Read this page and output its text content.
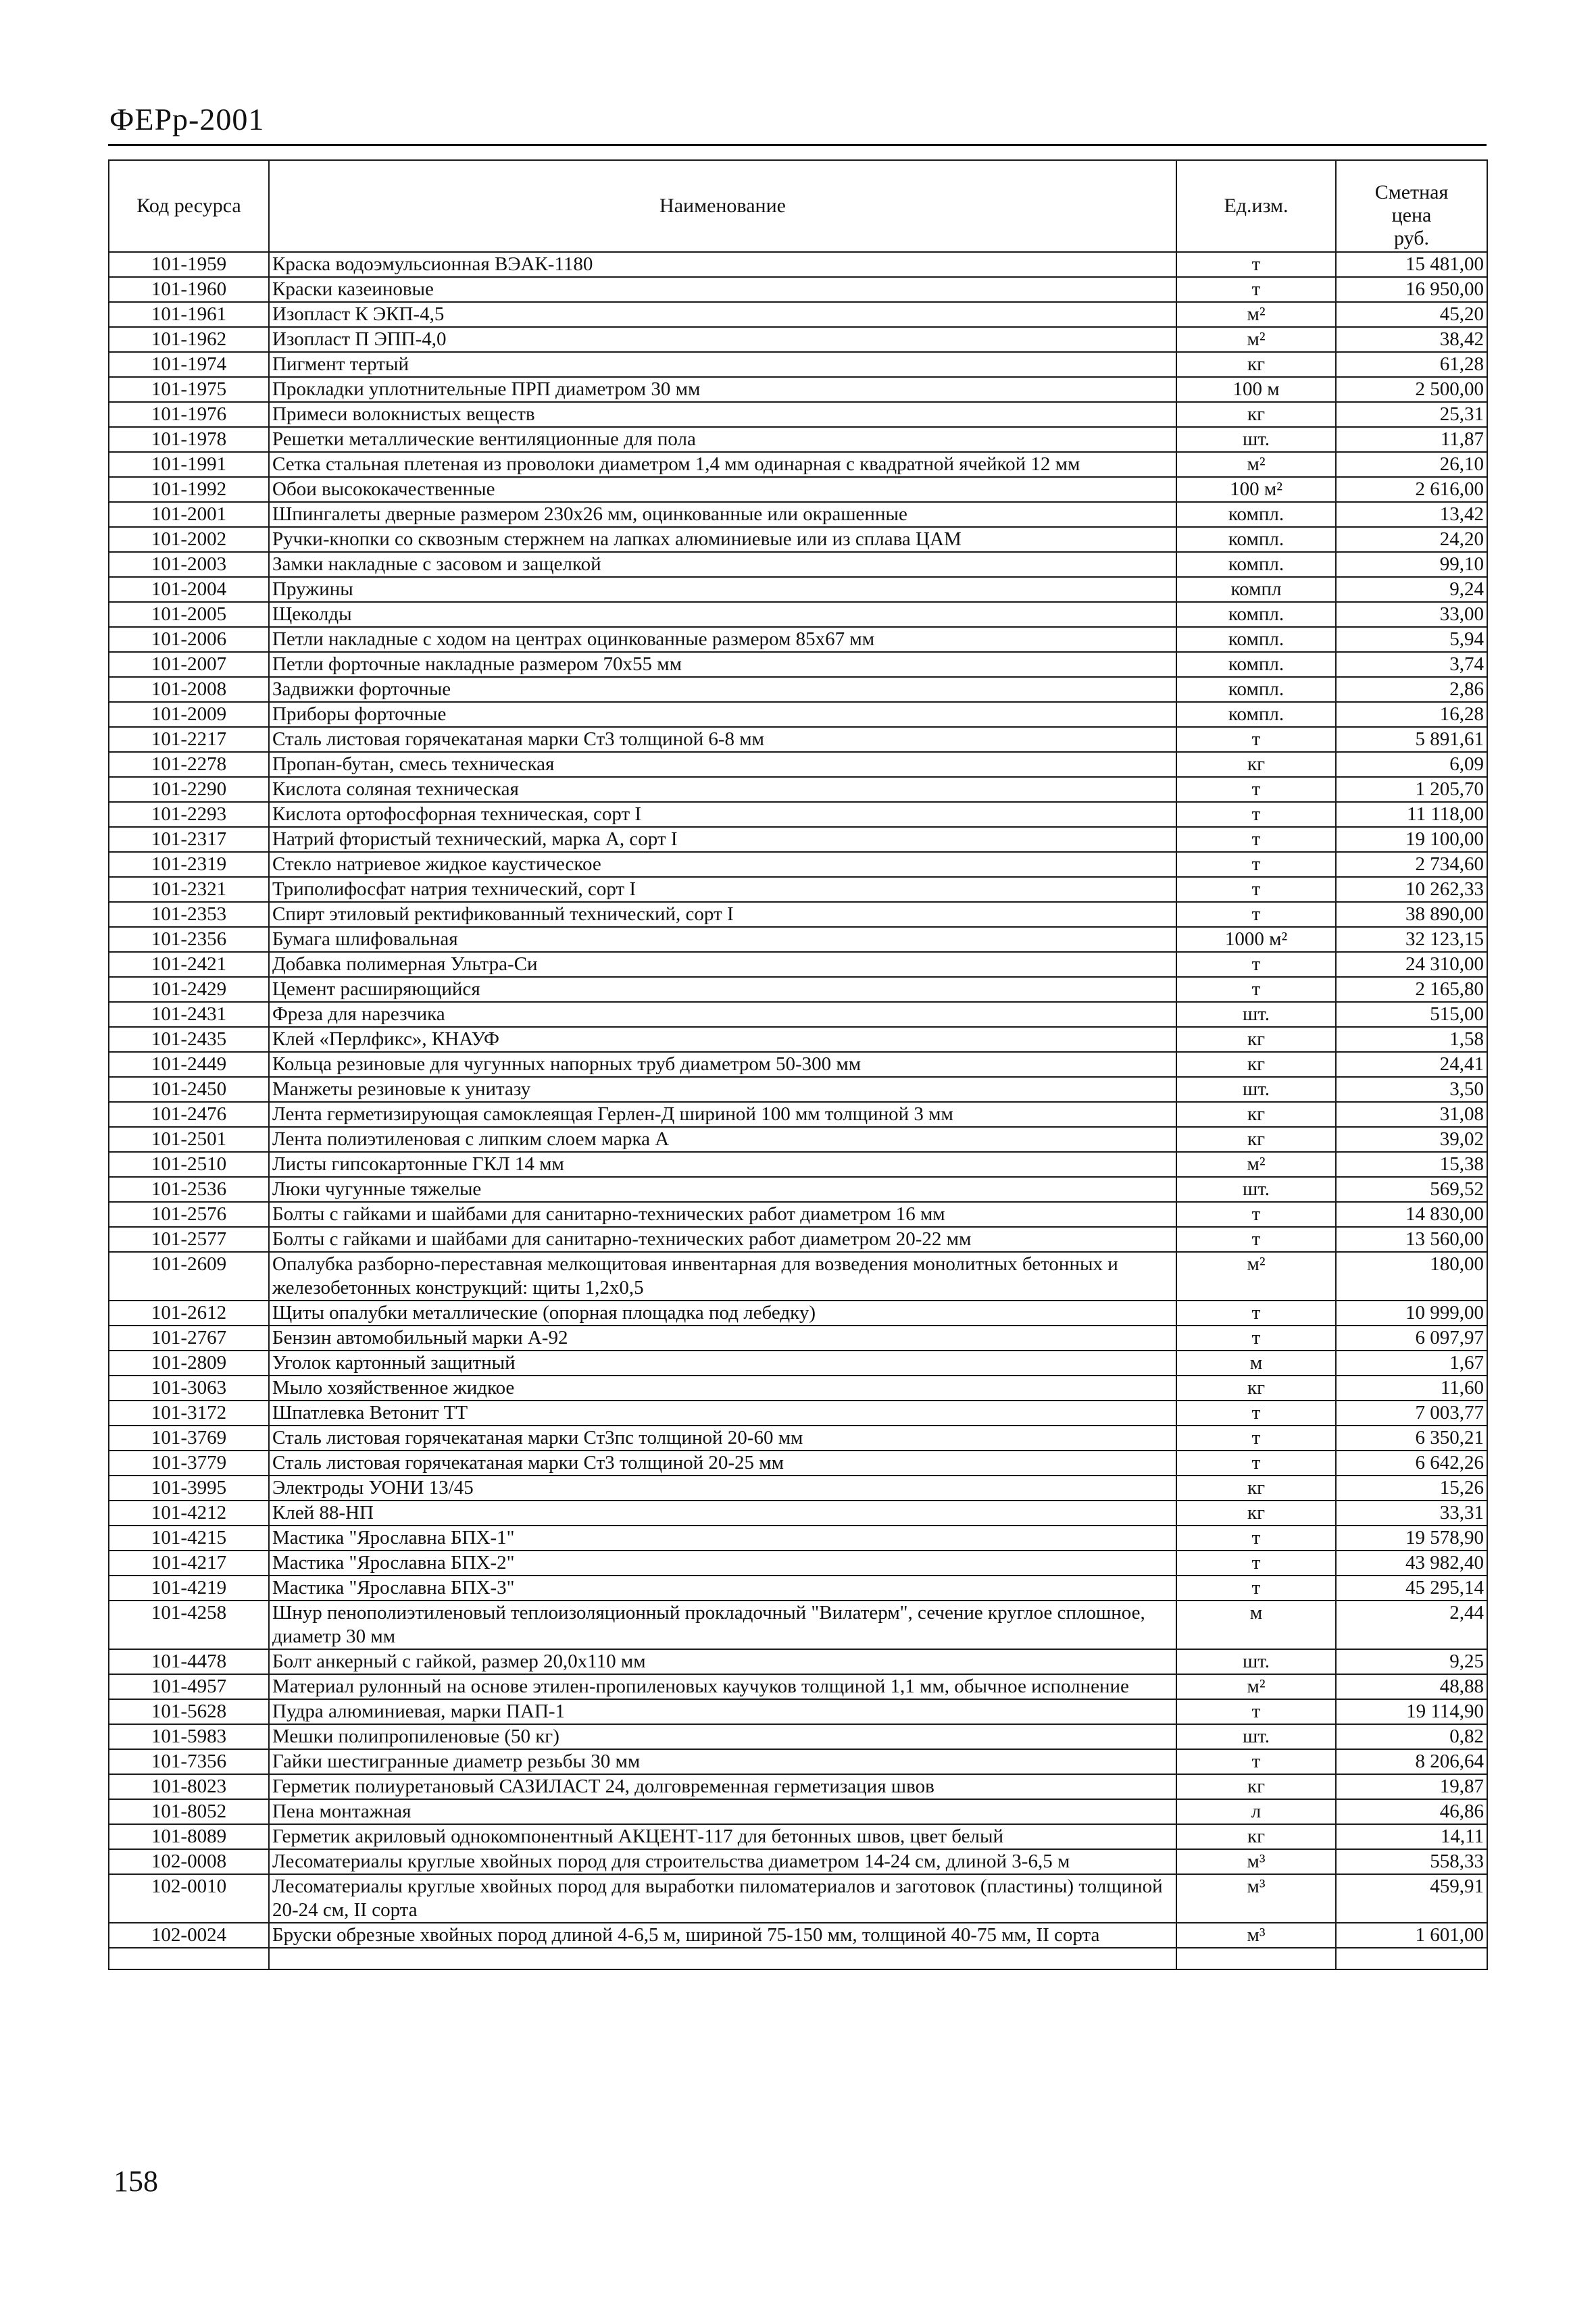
ФЕРр-2001
Код ресурса	Наименование	Ед.изм.	Сметная
цена
руб.

101-1959	Краска водоэмульсионная ВЭАК-1180	т	15 481,00
101-1960	Краски казеиновые	т	16 950,00
101-1961	Изопласт К ЭКП-4,5	м²	45,20
101-1962	Изопласт П ЭПП-4,0	м²	38,42
101-1974	Пигмент тертый	кг	61,28
101-1975	Прокладки уплотнительные ПРП диаметром 30 мм	100 м	2 500,00
101-1976	Примеси волокнистых веществ	кг	25,31
101-1978	Решетки металлические вентиляционные для пола	шт.	11,87
101-1991	Сетка стальная плетеная из проволоки диаметром 1,4 мм одинарная с квадратной ячейкой 12 мм	м²	26,10
101-1992	Обои высококачественные	100 м²	2 616,00
101-2001	Шпингалеты дверные размером 230х26 мм, оцинкованные или окрашенные	компл.	13,42
101-2002	Ручки-кнопки со сквозным стержнем на лапках алюминиевые или из сплава ЦАМ	компл.	24,20
101-2003	Замки накладные с засовом и защелкой	компл.	99,10
101-2004	Пружины	компл	9,24
101-2005	Щеколды	компл.	33,00
101-2006	Петли накладные с ходом на центрах оцинкованные размером 85х67 мм	компл.	5,94
101-2007	Петли форточные накладные размером 70х55 мм	компл.	3,74
101-2008	Задвижки форточные	компл.	2,86
101-2009	Приборы форточные	компл.	16,28
101-2217	Сталь листовая горячекатаная марки Ст3 толщиной 6-8 мм	т	5 891,61
101-2278	Пропан-бутан, смесь техническая	кг	6,09
101-2290	Кислота соляная техническая	т	1 205,70
101-2293	Кислота ортофосфорная техническая, сорт I	т	11 118,00
101-2317	Натрий фтористый технический, марка А, сорт I	т	19 100,00
101-2319	Стекло натриевое жидкое каустическое	т	2 734,60
101-2321	Триполифосфат натрия технический, сорт I	т	10 262,33
101-2353	Спирт этиловый ректификованный технический, сорт I	т	38 890,00
101-2356	Бумага шлифовальная	1000 м²	32 123,15
101-2421	Добавка полимерная Ультра-Си	т	24 310,00
101-2429	Цемент расширяющийся	т	2 165,80
101-2431	Фреза для нарезчика	шт.	515,00
101-2435	Клей «Перлфикс», КНАУФ	кг	1,58
101-2449	Кольца резиновые для чугунных напорных труб диаметром 50-300 мм	кг	24,41
101-2450	Манжеты резиновые к унитазу	шт.	3,50
101-2476	Лента герметизирующая самоклеящая Герлен-Д шириной 100 мм толщиной 3 мм	кг	31,08
101-2501	Лента полиэтиленовая с липким слоем марка А	кг	39,02
101-2510	Листы гипсокартонные ГКЛ 14 мм	м²	15,38
101-2536	Люки чугунные тяжелые	шт.	569,52
101-2576	Болты с гайками и шайбами для санитарно-технических работ диаметром 16 мм	т	14 830,00
101-2577	Болты с гайками и шайбами для санитарно-технических работ диаметром 20-22 мм	т	13 560,00
101-2609	Опалубка разборно-переставная мелкощитовая инвентарная для возведения монолитных бетонных и железобетонных конструкций: щиты 1,2х0,5	м²	180,00
101-2612	Щиты опалубки металлические (опорная площадка под лебедку)	т	10 999,00
101-2767	Бензин автомобильный марки А-92	т	6 097,97
101-2809	Уголок картонный защитный	м	1,67
101-3063	Мыло хозяйственное жидкое	кг	11,60
101-3172	Шпатлевка Ветонит ТТ	т	7 003,77
101-3769	Сталь листовая горячекатаная марки Ст3пс толщиной 20-60 мм	т	6 350,21
101-3779	Сталь листовая горячекатаная марки Ст3 толщиной 20-25 мм	т	6 642,26
101-3995	Электроды УОНИ 13/45	кг	15,26
101-4212	Клей 88-НП	кг	33,31
101-4215	Мастика "Ярославна БПХ-1"	т	19 578,90
101-4217	Мастика "Ярославна БПХ-2"	т	43 982,40
101-4219	Мастика "Ярославна БПХ-3"	т	45 295,14
101-4258	Шнур пенополиэтиленовый теплоизоляционный прокладочный "Вилатерм", сечение круглое сплошное, диаметр 30 мм	м	2,44
101-4478	Болт анкерный с гайкой, размер 20,0х110 мм	шт.	9,25
101-4957	Материал рулонный на основе этилен-пропиленовых каучуков толщиной 1,1 мм, обычное исполнение	м²	48,88
101-5628	Пудра алюминиевая, марки ПАП-1	т	19 114,90
101-5983	Мешки полипропиленовые (50 кг)	шт.	0,82
101-7356	Гайки шестигранные диаметр резьбы 30 мм	т	8 206,64
101-8023	Герметик полиуретановый САЗИЛАСТ 24, долговременная герметизация швов	кг	19,87
101-8052	Пена монтажная	л	46,86
101-8089	Герметик акриловый однокомпонентный АКЦЕНТ-117 для бетонных швов, цвет белый	кг	14,11
102-0008	Лесоматериалы круглые хвойных пород для строительства диаметром 14-24 см, длиной 3-6,5 м	м³	558,33
102-0010	Лесоматериалы круглые хвойных пород для выработки пиломатериалов и заготовок (пластины) толщиной 20-24 см, II сорта	м³	459,91
102-0024	Бруски обрезные хвойных пород длиной 4-6,5 м, шириной 75-150 мм, толщиной 40-75 мм, II сорта	м³	1 601,00

158
